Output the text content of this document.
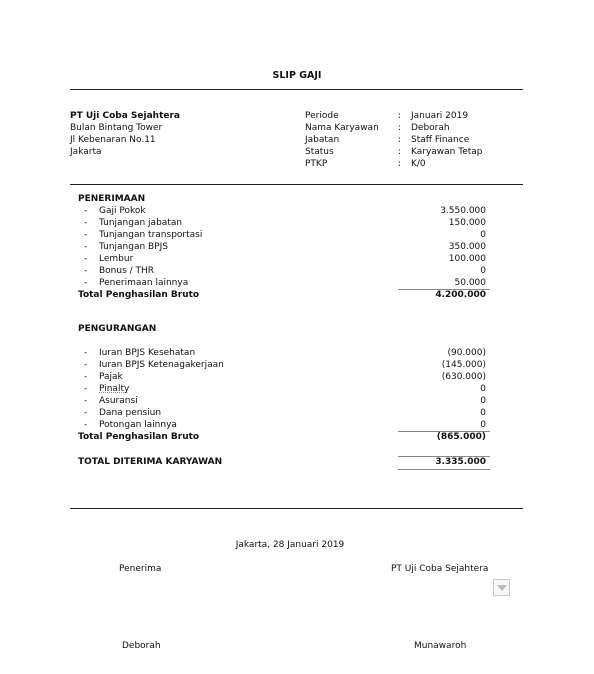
SLIP GAJI
PT Uji Coba Sejahtera
Bulan Bintang Tower
Jl Kebenaran No.11
Jakarta
Periode	: Januari 2019
Nama Karyawan : Deborah
Jabatan	: Staff Finance
Status	: Karyawan Tetap
PTKP	: K/0
PENERIMAAN
- Gaji Pokok	3.550.000
- Tunjangan jabatan	150.000
- Tunjangan transportasi	0
- Tunjangan BPJS	350.000
- Lembur	100.000
- Bonus / THR	0
- Penerimaan lainnya	50.000
Total Penghasilan Bruto	4.200.000
PENGURANGAN
- Iuran BPJS Kesehatan	(90.000)
- Iuran BPJS Ketenagakerjaan	(145.000)
- Pajak	(630.000)
- Pinalty	0
- Asuransi	0
- Dana pensiun	0
- Potongan lainnya	0
Total Penghasilan Bruto	(865.000)
TOTAL DITERIMA KARYAWAN	3.335.000
Jakarta, 28 Januari 2019
Penerima	PT Uji Coba Sejahtera
Deborah	Munawaroh
